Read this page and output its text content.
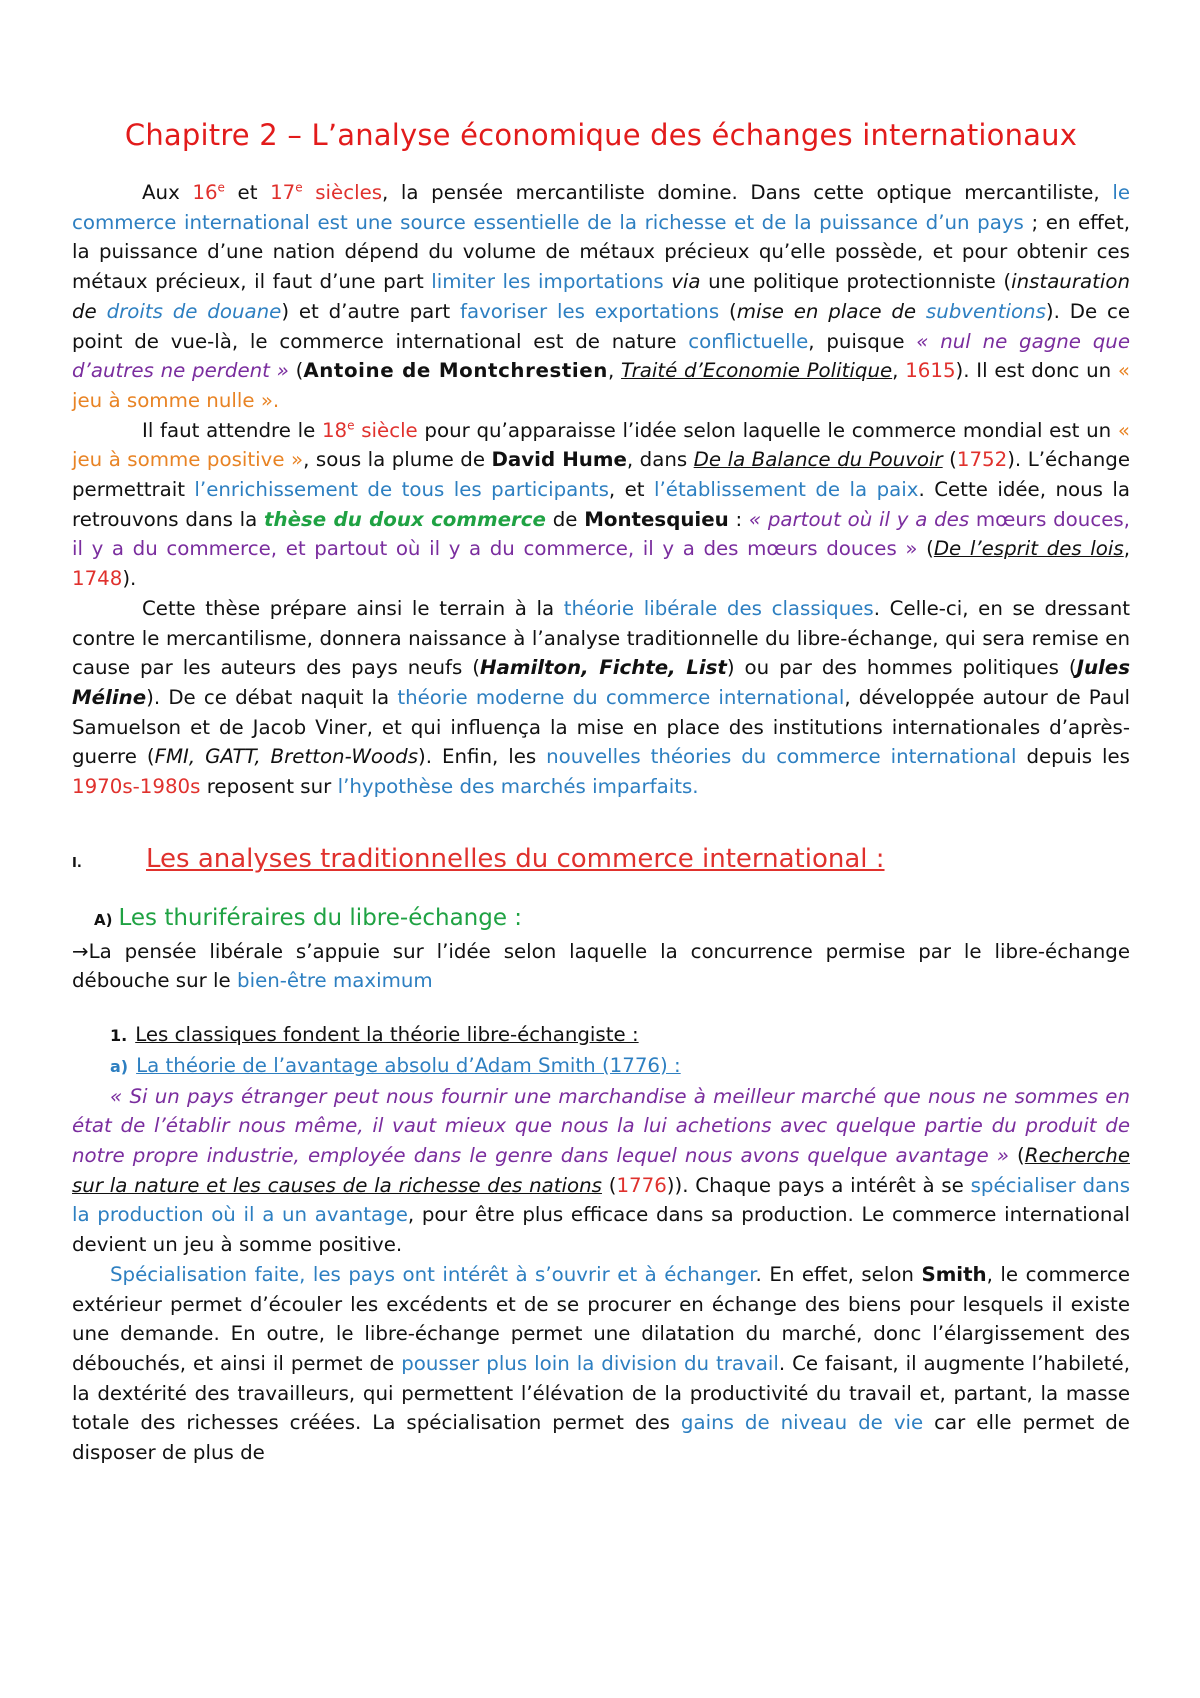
Chapitre 2 – L’analyse économique des échanges internationaux

Aux 16e et 17e siècles, la pensée mercantiliste domine. Dans cette optique mercantiliste, le commerce international est une source essentielle de la richesse et de la puissance d’un pays ; en effet, la puissance d’une nation dépend du volume de métaux précieux qu’elle possède, et pour obtenir ces métaux précieux, il faut d’une part limiter les importations via une politique protectionniste (instauration de droits de douane) et d’autre part favoriser les exportations (mise en place de subventions). De ce point de vue-là, le commerce international est de nature conflictuelle, puisque « nul ne gagne que d’autres ne perdent » (Antoine de Montchrestien, Traité d’Economie Politique, 1615). Il est donc un « jeu à somme nulle ».

Il faut attendre le 18e siècle pour qu’apparaisse l’idée selon laquelle le commerce mondial est un « jeu à somme positive », sous la plume de David Hume, dans De la Balance du Pouvoir (1752). L’échange permettrait l’enrichissement de tous les participants, et l’établissement de la paix. Cette idée, nous la retrouvons dans la thèse du doux commerce de Montesquieu : « partout où il y a des mœurs douces, il y a du commerce, et partout où il y a du commerce, il y a des mœurs douces » (De l’esprit des lois, 1748).

Cette thèse prépare ainsi le terrain à la théorie libérale des classiques. Celle-ci, en se dressant contre le mercantilisme, donnera naissance à l’analyse traditionnelle du libre-échange, qui sera remise en cause par les auteurs des pays neufs (Hamilton, Fichte, List) ou par des hommes politiques (Jules Méline). De ce débat naquit la théorie moderne du commerce international, développée autour de Paul Samuelson et de Jacob Viner, et qui influença la mise en place des institutions internationales d’après-guerre (FMI, GATT, Bretton-Woods). Enfin, les nouvelles théories du commerce international depuis les 1970s-1980s reposent sur l’hypothèse des marchés imparfaits.

I. Les analyses traditionnelles du commerce international :
A) Les thuriféraires du libre-échange :

→La pensée libérale s’appuie sur l’idée selon laquelle la concurrence permise par le libre-échange débouche sur le bien-être maximum

1. Les classiques fondent la théorie libre-échangiste :
a) La théorie de l’avantage absolu d’Adam Smith (1776) :

« Si un pays étranger peut nous fournir une marchandise à meilleur marché que nous ne sommes en état de l’établir nous même, il vaut mieux que nous la lui achetions avec quelque partie du produit de notre propre industrie, employée dans le genre dans lequel nous avons quelque avantage » (Recherche sur la nature et les causes de la richesse des nations (1776)). Chaque pays a intérêt à se spécialiser dans la production où il a un avantage, pour être plus efficace dans sa production. Le commerce international devient un jeu à somme positive.

Spécialisation faite, les pays ont intérêt à s’ouvrir et à échanger. En effet, selon Smith, le commerce extérieur permet d’écouler les excédents et de se procurer en échange des biens pour lesquels il existe une demande. En outre, le libre-échange permet une dilatation du marché, donc l’élargissement des débouchés, et ainsi il permet de pousser plus loin la division du travail. Ce faisant, il augmente l’habileté, la dextérité des travailleurs, qui permettent l’élévation de la productivité du travail et, partant, la masse totale des richesses créées. La spécialisation permet des gains de niveau de vie car elle permet de disposer de plus de
